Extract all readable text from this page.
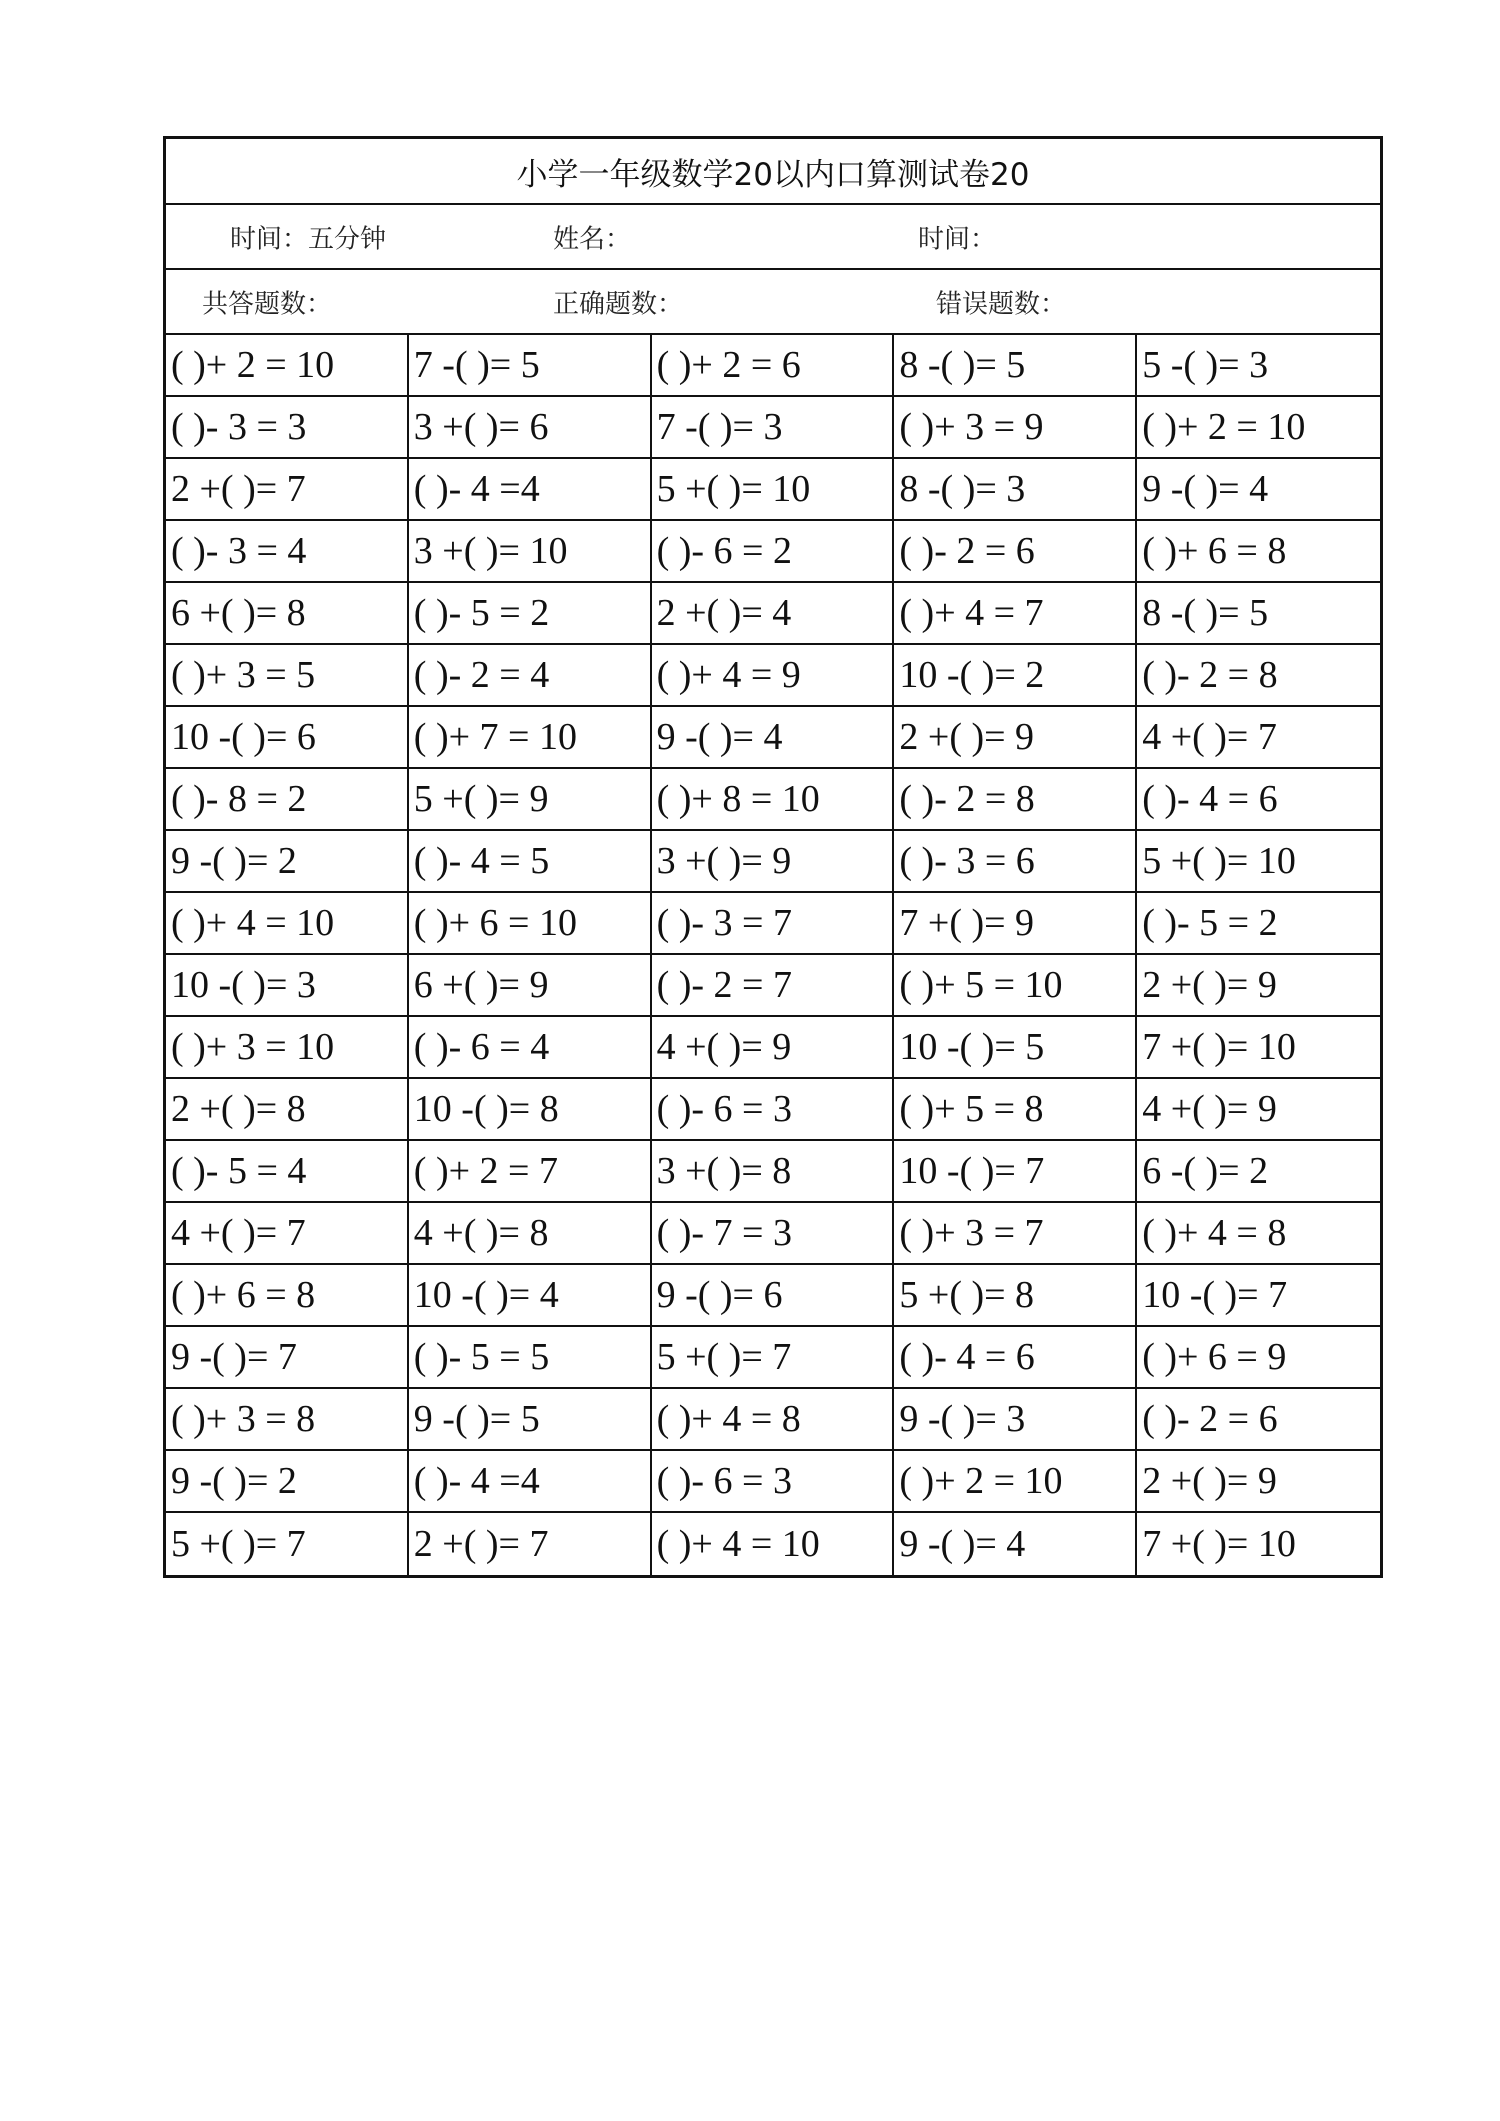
小学一年级数学20以内口算测试卷20
时间：五分钟	姓名：	时间：
共答题数：	正确题数：	错误题数：
( )+ 2 = 10	7 -( )= 5	( )+ 2 = 6	8 -( )= 5	5 -( )= 3
( )- 3 = 3	3 +( )= 6	7 -( )= 3	( )+ 3 = 9	( )+ 2 = 10
2 +( )= 7	( )- 4 =4	5 +( )= 10	8 -( )= 3	9 -( )= 4
( )- 3 = 4	3 +( )= 10	( )- 6 = 2	( )- 2 = 6	( )+ 6 = 8
6 +( )= 8	( )- 5 = 2	2 +( )= 4	( )+ 4 = 7	8 -( )= 5
( )+ 3 = 5	( )- 2 = 4	( )+ 4 = 9	10 -( )= 2	( )- 2 = 8
10 -( )= 6	( )+ 7 = 10	9 -( )= 4	2 +( )= 9	4 +( )= 7
( )- 8 = 2	5 +( )= 9	( )+ 8 = 10	( )- 2 = 8	( )- 4 = 6
9 -( )= 2	( )- 4 = 5	3 +( )= 9	( )- 3 = 6	5 +( )= 10
( )+ 4 = 10	( )+ 6 = 10	( )- 3 = 7	7 +( )= 9	( )- 5 = 2
10 -( )= 3	6 +( )= 9	( )- 2 = 7	( )+ 5 = 10	2 +( )= 9
( )+ 3 = 10	( )- 6 = 4	4 +( )= 9	10 -( )= 5	7 +( )= 10
2 +( )= 8	10 -( )= 8	( )- 6 = 3	( )+ 5 = 8	4 +( )= 9
( )- 5 = 4	( )+ 2 = 7	3 +( )= 8	10 -( )= 7	6 -( )= 2
4 +( )= 7	4 +( )= 8	( )- 7 = 3	( )+ 3 = 7	( )+ 4 = 8
( )+ 6 = 8	10 -( )= 4	9 -( )= 6	5 +( )= 8	10 -( )= 7
9 -( )= 7	( )- 5 = 5	5 +( )= 7	( )- 4 = 6	( )+ 6 = 9
( )+ 3 = 8	9 -( )= 5	( )+ 4 = 8	9 -( )= 3	( )- 2 = 6
9 -( )= 2	( )- 4 =4	( )- 6 = 3	( )+ 2 = 10	2 +( )= 9
5 +( )= 7	2 +( )= 7	( )+ 4 = 10	9 -( )= 4	7 +( )= 10
